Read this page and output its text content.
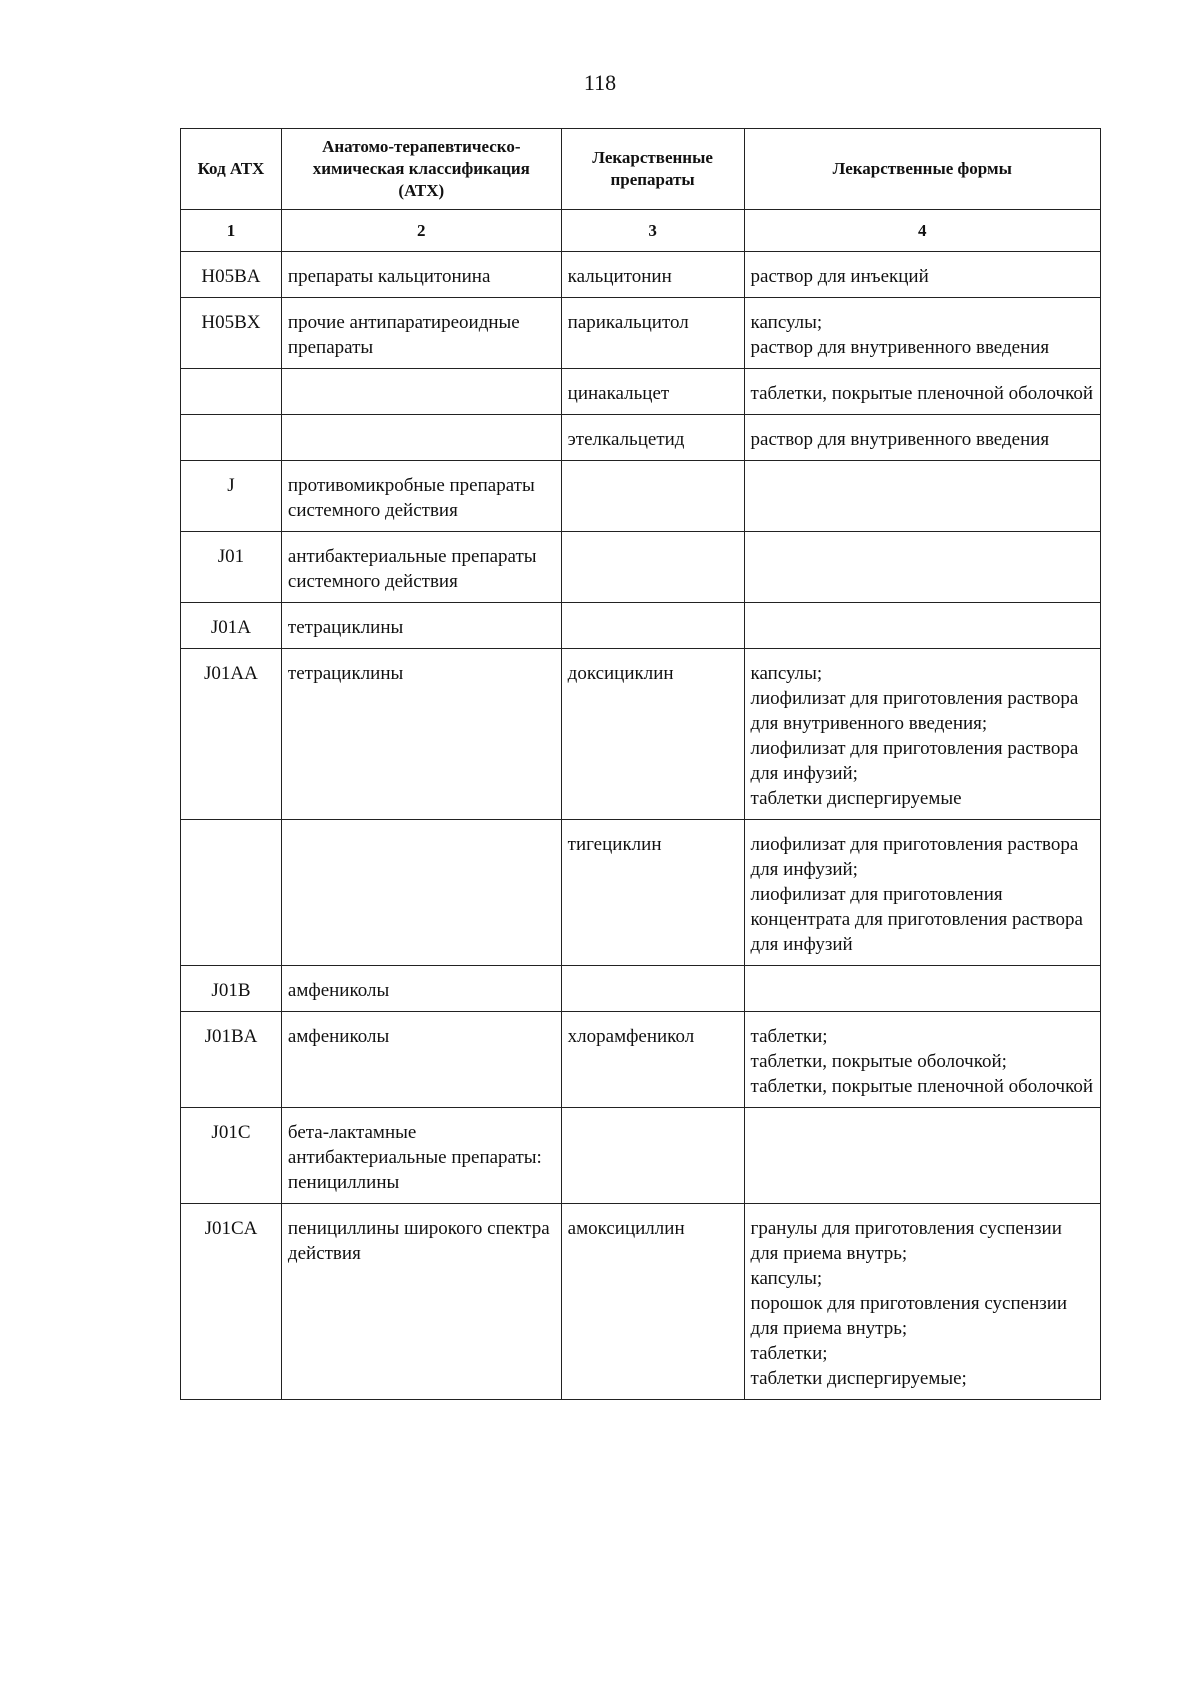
118
Код АТХ	Анатомо-терапевтическо-химическая классификация (АТХ)	Лекарственные препараты	Лекарственные формы
1	2	3	4
H05BA	препараты кальцитонина	кальцитонин	раствор для инъекций

H05BX	прочие антипаратиреоидные препараты	парикальцитол	капсулы;
раствор для внутривенного введения

		цинакальцет	таблетки, покрытые пленочной оболочкой

		этелкальцетид	раствор для внутривенного введения

J	противомикробные препараты системного действия		
J01	антибактериальные препараты системного действия		
J01A	тетрациклины		
J01AA	тетрациклины	доксициклин	капсулы;
лиофилизат для приготовления раствора для внутривенного введения;
лиофилизат для приготовления раствора для инфузий;
таблетки диспергируемые

		тигециклин	лиофилизат для приготовления раствора для инфузий;
лиофилизат для приготовления концентрата для приготовления раствора для инфузий

J01B	амфениколы		
J01BA	амфениколы	хлорамфеникол	таблетки;
таблетки, покрытые оболочкой;
таблетки, покрытые пленочной оболочкой

J01C	бета-лактамные антибактериальные препараты: пенициллины		
J01CA	пенициллины широкого спектра действия	амоксициллин	гранулы для приготовления суспензии для приема внутрь;
капсулы;
порошок для приготовления суспензии для приема внутрь;
таблетки;
таблетки диспергируемые;
